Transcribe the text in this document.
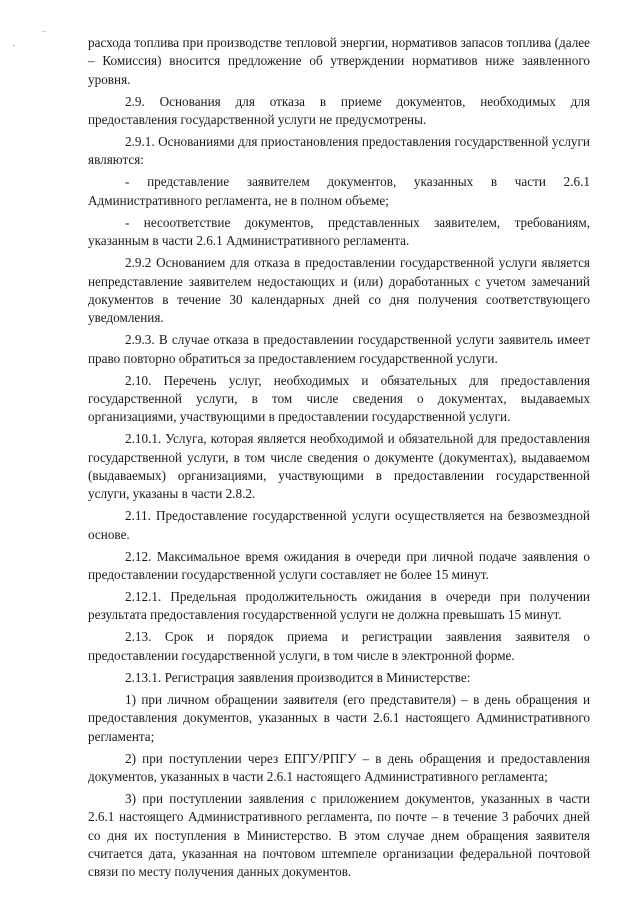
расхода топлива при производстве тепловой энергии, нормативов запасов топлива (далее – Комиссия) вносится предложение об утверждении нормативов ниже заявленного уровня.

2.9. Основания для отказа в приеме документов, необходимых для предоставления государственной услуги не предусмотрены.

2.9.1. Основаниями для приостановления предоставления государственной услуги являются:

- представление заявителем документов, указанных в части 2.6.1 Административного регламента, не в полном объеме;

- несоответствие документов, представленных заявителем, требованиям, указанным в части 2.6.1 Административного регламента.

2.9.2 Основанием для отказа в предоставлении государственной услуги является непредставление заявителем недостающих и (или) доработанных с учетом замечаний документов в течение 30 календарных дней со дня получения соответствующего уведомления.

2.9.3. В случае отказа в предоставлении государственной услуги заявитель имеет право повторно обратиться за предоставлением государственной услуги.

2.10. Перечень услуг, необходимых и обязательных для предоставления государственной услуги, в том числе сведения о документах, выдаваемых организациями, участвующими в предоставлении государственной услуги.

2.10.1. Услуга, которая является необходимой и обязательной для предоставления государственной услуги, в том числе сведения о документе (документах), выдаваемом (выдаваемых) организациями, участвующими в предоставлении государственной услуги, указаны в части 2.8.2.

2.11. Предоставление государственной услуги осуществляется на безвозмездной основе.

2.12. Максимальное время ожидания в очереди при личной подаче заявления о предоставлении государственной услуги составляет не более 15 минут.

2.12.1. Предельная продолжительность ожидания в очереди при получении результата предоставления государственной услуги не должна превышать 15 минут.

2.13. Срок и порядок приема и регистрации заявления заявителя о предоставлении государственной услуги, в том числе в электронной форме.

2.13.1. Регистрация заявления производится в Министерстве:

1) при личном обращении заявителя (его представителя) – в день обращения и предоставления документов, указанных в части 2.6.1 настоящего Административного регламента;

2) при поступлении через ЕПГУ/РПГУ – в день обращения и предоставления документов, указанных в части 2.6.1 настоящего Административного регламента;

3) при поступлении заявления с приложением документов, указанных в части 2.6.1 настоящего Административного регламента, по почте – в течение 3 рабочих дней со дня их поступления в Министерство. В этом случае днем обращения заявителя считается дата, указанная на почтовом штемпеле организации федеральной почтовой связи по месту получения данных документов.
